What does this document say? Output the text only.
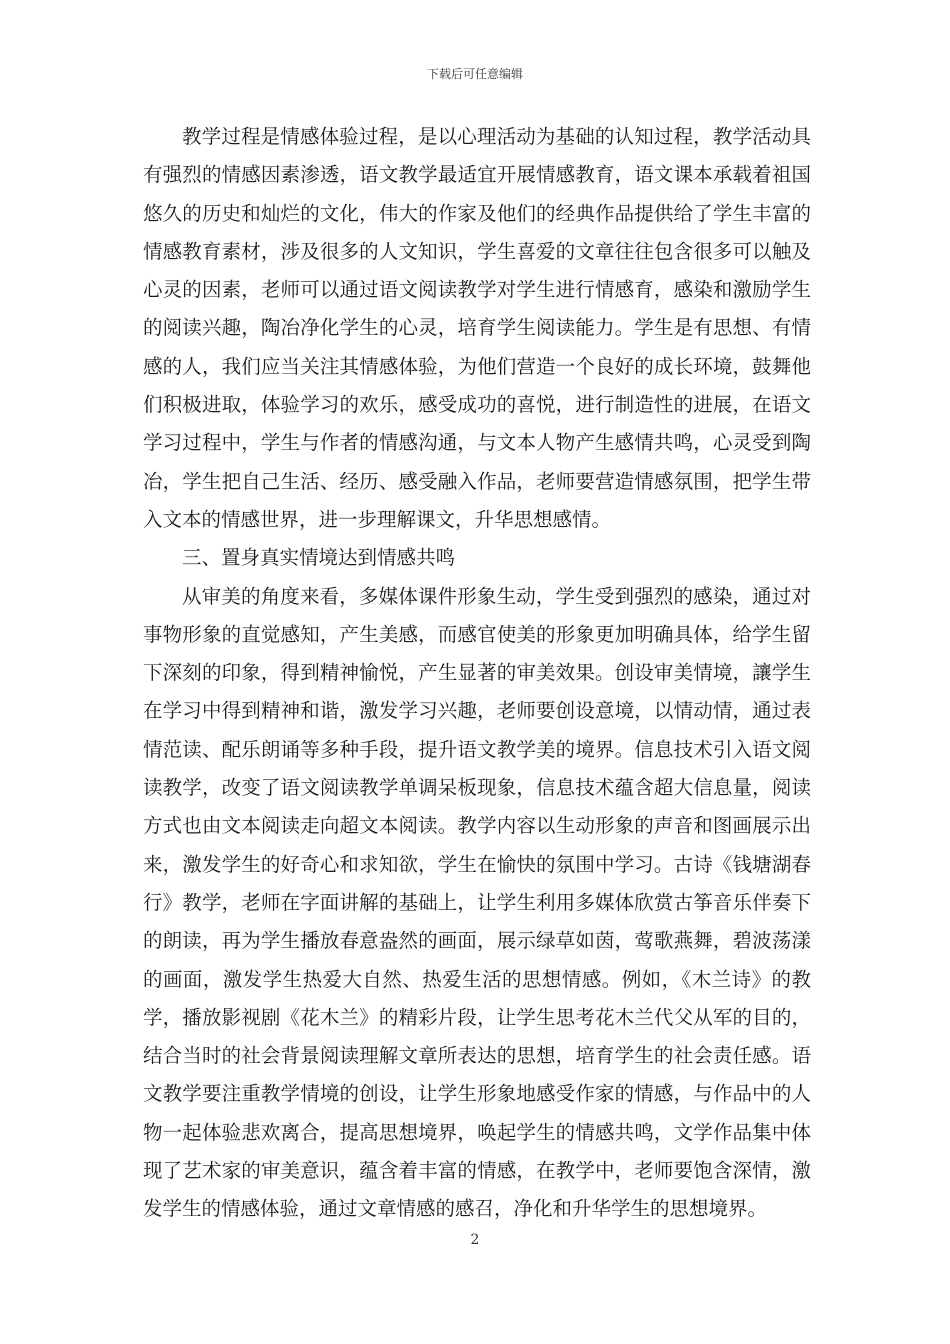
下载后可任意编辑

教学过程是情感体验过程，是以心理活动为基础的认知过程，教学活动具有强烈的情感因素渗透，语文教学最适宜开展情感教育，语文课本承载着祖国悠久的历史和灿烂的文化，伟大的作家及他们的经典作品提供给了学生丰富的情感教育素材，涉及很多的人文知识，学生喜爱的文章往往包含很多可以触及心灵的因素，老师可以通过语文阅读教学对学生进行情感育，感染和激励学生的阅读兴趣，陶冶净化学生的心灵，培育学生阅读能力。学生是有思想、有情感的人，我们应当关注其情感体验，为他们营造一个良好的成长环境，鼓舞他们积极进取，体验学习的欢乐，感受成功的喜悦，进行制造性的进展，在语文学习过程中，学生与作者的情感沟通，与文本人物产生感情共鸣，心灵受到陶冶，学生把自己生活、经历、感受融入作品，老师要营造情感氛围，把学生带入文本的情感世界，进一步理解课文，升华思想感情。

三、置身真实情境达到情感共鸣

从审美的角度来看，多媒体课件形象生动，学生受到强烈的感染，通过对事物形象的直觉感知，产生美感，而感官使美的形象更加明确具体，给学生留下深刻的印象，得到精神愉悦，产生显著的审美效果。创设审美情境，讓学生在学习中得到精神和谐，激发学习兴趣，老师要创设意境，以情动情，通过表情范读、配乐朗诵等多种手段，提升语文教学美的境界。信息技术引入语文阅读教学，改变了语文阅读教学单调呆板现象，信息技术蕴含超大信息量，阅读方式也由文本阅读走向超文本阅读。教学内容以生动形象的声音和图画展示出来，激发学生的好奇心和求知欲，学生在愉快的氛围中学习。古诗《钱塘湖春行》教学，老师在字面讲解的基础上，让学生利用多媒体欣赏古筝音乐伴奏下的朗读，再为学生播放春意盎然的画面，展示绿草如茵，莺歌燕舞，碧波荡漾的画面，激发学生热爱大自然、热爱生活的思想情感。例如，《木兰诗》的教学，播放影视剧《花木兰》的精彩片段，让学生思考花木兰代父从军的目的，结合当时的社会背景阅读理解文章所表达的思想，培育学生的社会责任感。语文教学要注重教学情境的创设，让学生形象地感受作家的情感，与作品中的人物一起体验悲欢离合，提高思想境界，唤起学生的情感共鸣，文学作品集中体现了艺术家的审美意识，蕴含着丰富的情感，在教学中，老师要饱含深情，激发学生的情感体验，通过文章情感的感召，净化和升华学生的思想境界。

2
